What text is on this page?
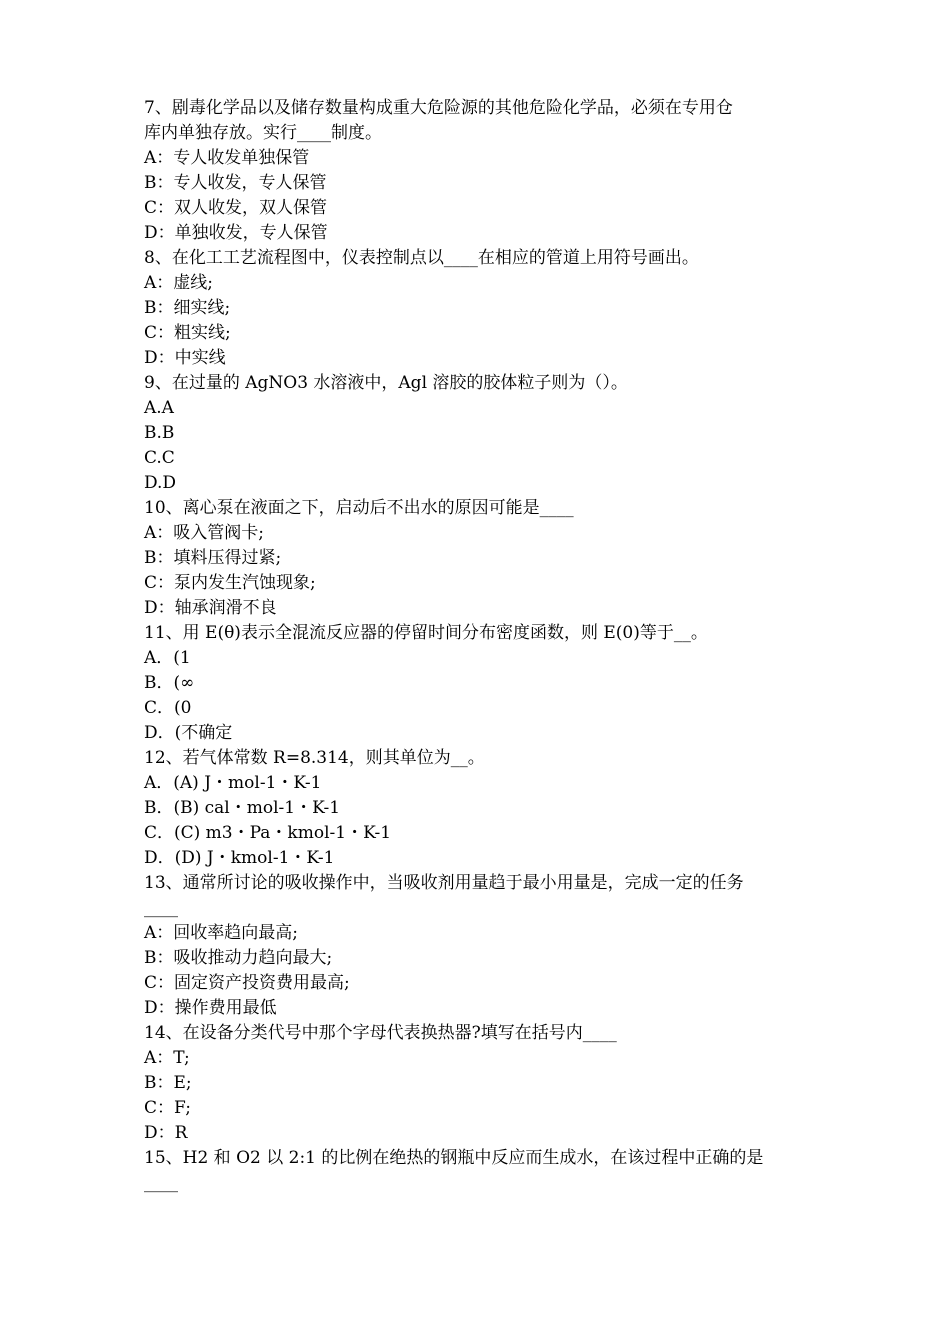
7、剧毒化学品以及储存数量构成重大危险源的其他危险化学品，必须在专用仓
库内单独存放。实行____制度。
A：专人收发单独保管
B：专人收发，专人保管
C：双人收发，双人保管
D：单独收发，专人保管
8、在化工工艺流程图中，仪表控制点以____在相应的管道上用符号画出。
A：虚线;
B：细实线;
C：粗实线;
D：中实线
9、在过量的 AgNO3 水溶液中，Agl 溶胶的胶体粒子则为（）。
A.A
B.B
C.C
D.D
10、离心泵在液面之下，启动后不出水的原因可能是____
A：吸入管阀卡;
B：填料压得过紧;
C：泵内发生汽蚀现象;
D：轴承润滑不良
11、用 E(θ)表示全混流反应器的停留时间分布密度函数，则 E(0)等于__。
A．(1
B．(∞
C．(0
D．(不确定
12、若气体常数 R=8.314，则其单位为__。
A．(A) J・mol-1・K-1
B．(B) cal・mol-1・K-1
C．(C) m3・Pa・kmol-1・K-1
D．(D) J・kmol-1・K-1
13、通常所讨论的吸收操作中，当吸收剂用量趋于最小用量是，完成一定的任务
____
A：回收率趋向最高;
B：吸收推动力趋向最大;
C：固定资产投资费用最高;
D：操作费用最低
14、在设备分类代号中那个字母代表换热器?填写在括号内____
A：T;
B：E;
C：F;
D：R
15、H2 和 O2 以 2:1 的比例在绝热的钢瓶中反应而生成水，在该过程中正确的是
____
